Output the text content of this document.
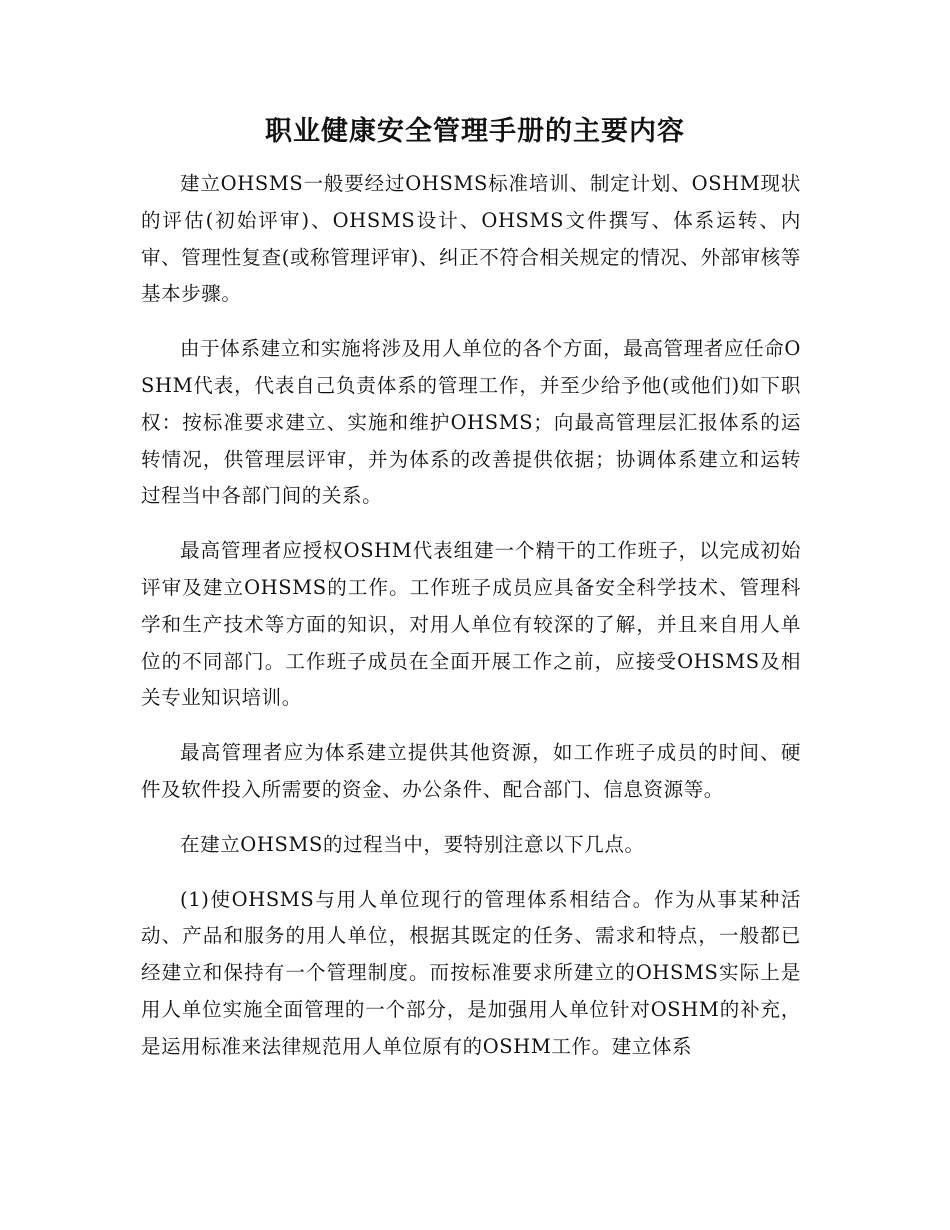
职业健康安全管理手册的主要内容

建立OHSMS一般要经过OHSMS标准培训、制定计划、OSHM现状的评估(初始评审)、OHSMS设计、OHSMS文件撰写、体系运转、内审、管理性复查(或称管理评审)、纠正不符合相关规定的情况、外部审核等基本步骤。

由于体系建立和实施将涉及用人单位的各个方面，最高管理者应任命OSHM代表，代表自己负责体系的管理工作，并至少给予他(或他们)如下职权：按标准要求建立、实施和维护OHSMS；向最高管理层汇报体系的运转情况，供管理层评审，并为体系的改善提供依据；协调体系建立和运转过程当中各部门间的关系。

最高管理者应授权OSHM代表组建一个精干的工作班子，以完成初始评审及建立OHSMS的工作。工作班子成员应具备安全科学技术、管理科学和生产技术等方面的知识，对用人单位有较深的了解，并且来自用人单位的不同部门。工作班子成员在全面开展工作之前，应接受OHSMS及相关专业知识培训。

最高管理者应为体系建立提供其他资源，如工作班子成员的时间、硬件及软件投入所需要的资金、办公条件、配合部门、信息资源等。

在建立OHSMS的过程当中，要特别注意以下几点。

(1)使OHSMS与用人单位现行的管理体系相结合。作为从事某种活动、产品和服务的用人单位，根据其既定的任务、需求和特点，一般都已经建立和保持有一个管理制度。而按标准要求所建立的OHSMS实际上是用人单位实施全面管理的一个部分，是加强用人单位针对OSHM的补充，是运用标准来法律规范用人单位原有的OSHM工作。建立体系
